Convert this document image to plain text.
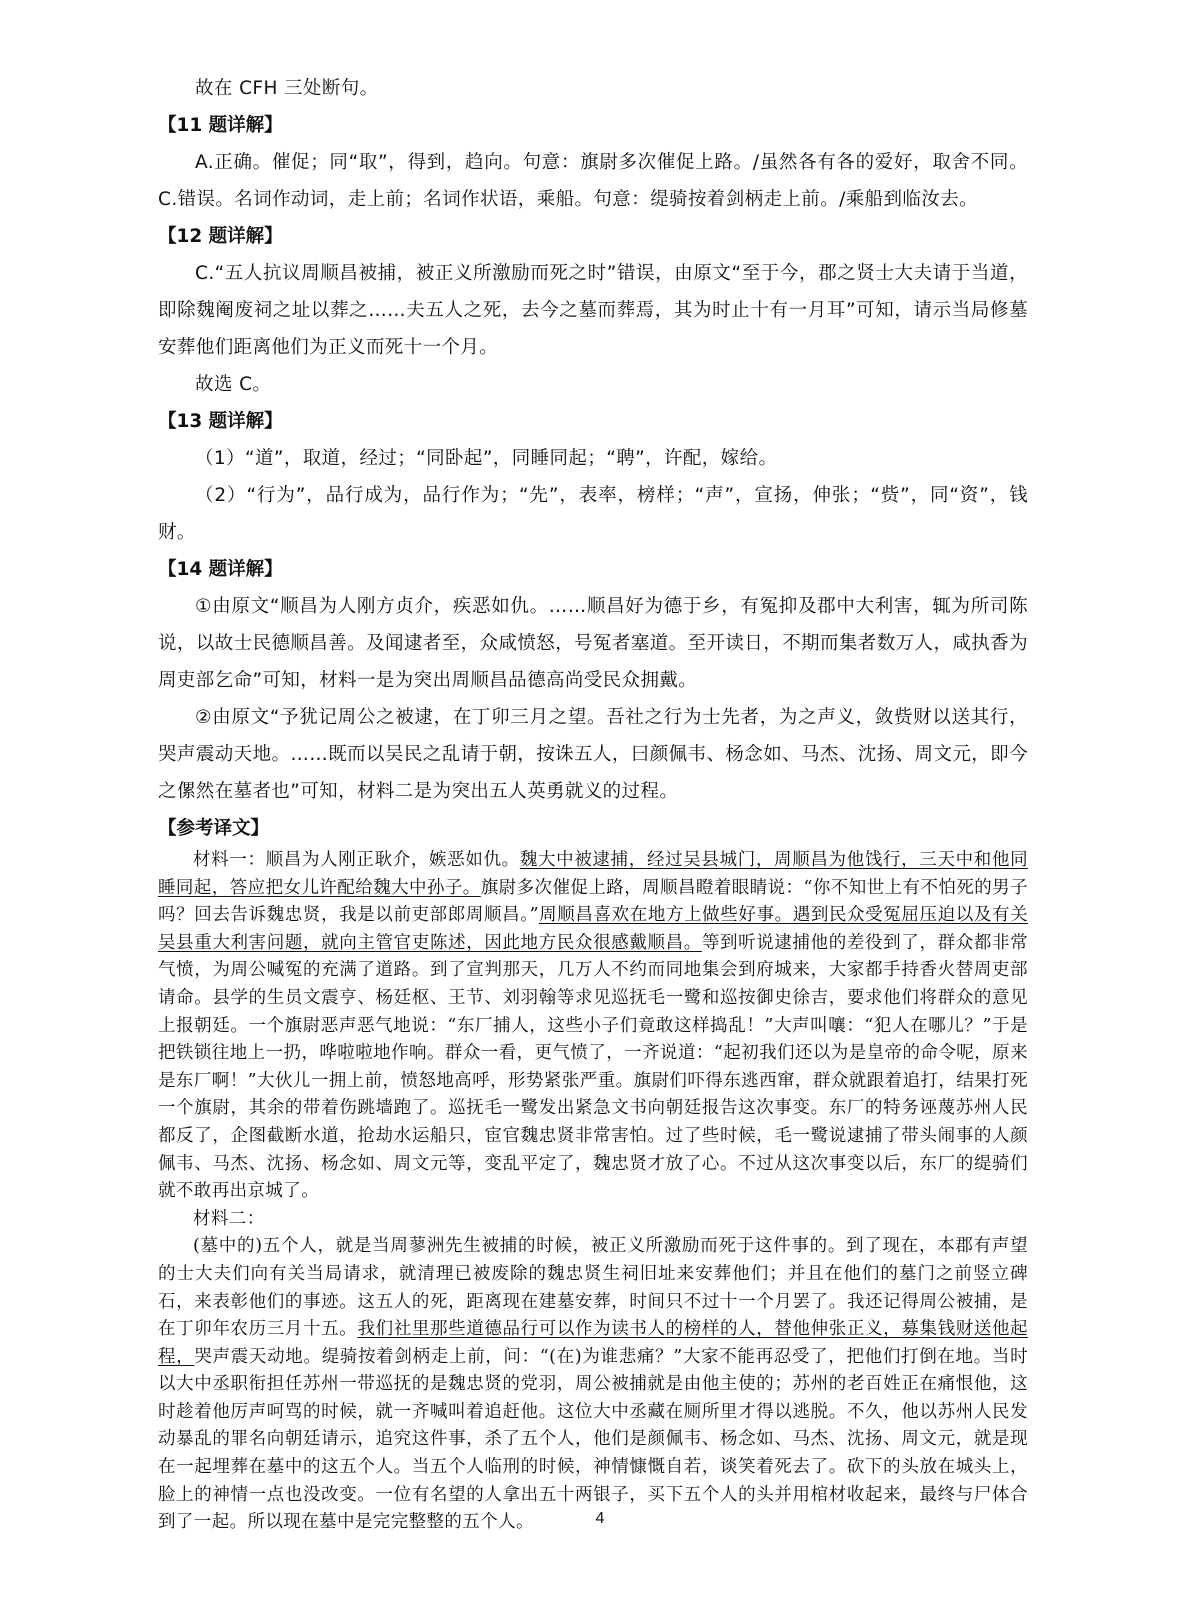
故在 CFH 三处断句。

【11 题详解】

A.正确。催促；同“取”，得到，趋向。句意：旗尉多次催促上路。/虽然各有各的爱好，取舍不同。C.错误。名词作动词，走上前；名词作状语，乘船。句意：缇骑按着剑柄走上前。/乘船到临汝去。

【12 题详解】

C.“五人抗议周顺昌被捕，被正义所激励而死之时”错误，由原文“至于今，郡之贤士大夫请于当道，即除魏阉废祠之址以葬之……夫五人之死，去今之墓而葬焉，其为时止十有一月耳”可知，请示当局修墓安葬他们距离他们为正义而死十一个月。

故选 C。

【13 题详解】

（1）“道”，取道，经过；“同卧起”，同睡同起；“聘”，许配，嫁给。

（2）“行为”，品行成为，品行作为；“先”，表率，榜样；“声”，宣扬，伸张；“赀”，同“资”，钱财。

【14 题详解】

①由原文“顺昌为人刚方贞介，疾恶如仇。……顺昌好为德于乡，有冤抑及郡中大利害，辄为所司陈说，以故士民德顺昌善。及闻逮者至，众咸愤怒，号冤者塞道。至开读日，不期而集者数万人，咸执香为周吏部乞命”可知，材料一是为突出周顺昌品德高尚受民众拥戴。

②由原文“予犹记周公之被逮，在丁卯三月之望。吾社之行为士先者，为之声义，敛赀财以送其行，哭声震动天地。……既而以吴民之乱请于朝，按诛五人，曰颜佩韦、杨念如、马杰、沈扬、周文元，即今之傫然在墓者也”可知，材料二是为突出五人英勇就义的过程。

【参考译文】

材料一：顺昌为人刚正耿介，嫉恶如仇。魏大中被逮捕，经过吴县城门，周顺昌为他饯行，三天中和他同睡同起，答应把女儿许配给魏大中孙子。旗尉多次催促上路，周顺昌瞪着眼睛说：“你不知世上有不怕死的男子吗？回去告诉魏忠贤，我是以前吏部郎周顺昌。”周顺昌喜欢在地方上做些好事。遇到民众受冤屈压迫以及有关吴县重大利害问题，就向主管官吏陈述，因此地方民众很感戴顺昌。等到听说逮捕他的差役到了，群众都非常气愤，为周公喊冤的充满了道路。到了宣判那天，几万人不约而同地集会到府城来，大家都手持香火替周吏部请命。县学的生员文震亨、杨廷枢、王节、刘羽翰等求见巡抚毛一鹭和巡按御史徐吉，要求他们将群众的意见上报朝廷。一个旗尉恶声恶气地说：“东厂捕人，这些小子们竟敢这样捣乱！”大声叫嚷：“犯人在哪儿？”于是把铁锁往地上一扔，哗啦啦地作响。群众一看，更气愤了，一齐说道：“起初我们还以为是皇帝的命令呢，原来是东厂啊！”大伙儿一拥上前，愤怒地高呼，形势紧张严重。旗尉们吓得东逃西窜，群众就跟着追打，结果打死一个旗尉，其余的带着伤跳墙跑了。巡抚毛一鹭发出紧急文书向朝廷报告这次事变。东厂的特务诬蔑苏州人民都反了，企图截断水道，抢劫水运船只，宦官魏忠贤非常害怕。过了些时候，毛一鹭说逮捕了带头闹事的人颜佩韦、马杰、沈扬、杨念如、周文元等，变乱平定了，魏忠贤才放了心。不过从这次事变以后，东厂的缇骑们就不敢再出京城了。

材料二：

(墓中的)五个人，就是当周蓼洲先生被捕的时候，被正义所激励而死于这件事的。到了现在，本郡有声望的士大夫们向有关当局请求，就清理已被废除的魏忠贤生祠旧址来安葬他们；并且在他们的墓门之前竖立碑石，来表彰他们的事迹。这五人的死，距离现在建墓安葬，时间只不过十一个月罢了。我还记得周公被捕，是在丁卯年农历三月十五。我们社里那些道德品行可以作为读书人的榜样的人，替他伸张正义，募集钱财送他起程，哭声震天动地。缇骑按着剑柄走上前，问：“(在)为谁悲痛？”大家不能再忍受了，把他们打倒在地。当时以大中丞职衔担任苏州一带巡抚的是魏忠贤的党羽，周公被捕就是由他主使的；苏州的老百姓正在痛恨他，这时趁着他厉声呵骂的时候，就一齐喊叫着追赶他。这位大中丞藏在厕所里才得以逃脱。不久，他以苏州人民发动暴乱的罪名向朝廷请示，追究这件事，杀了五个人，他们是颜佩韦、杨念如、马杰、沈扬、周文元，就是现在一起埋葬在墓中的这五个人。当五个人临刑的时候，神情慷慨自若，谈笑着死去了。砍下的头放在城头上，脸上的神情一点也没改变。一位有名望的人拿出五十两银子，买下五个人的头并用棺材收起来，最终与尸体合到了一起。所以现在墓中是完完整整的五个人。	4
